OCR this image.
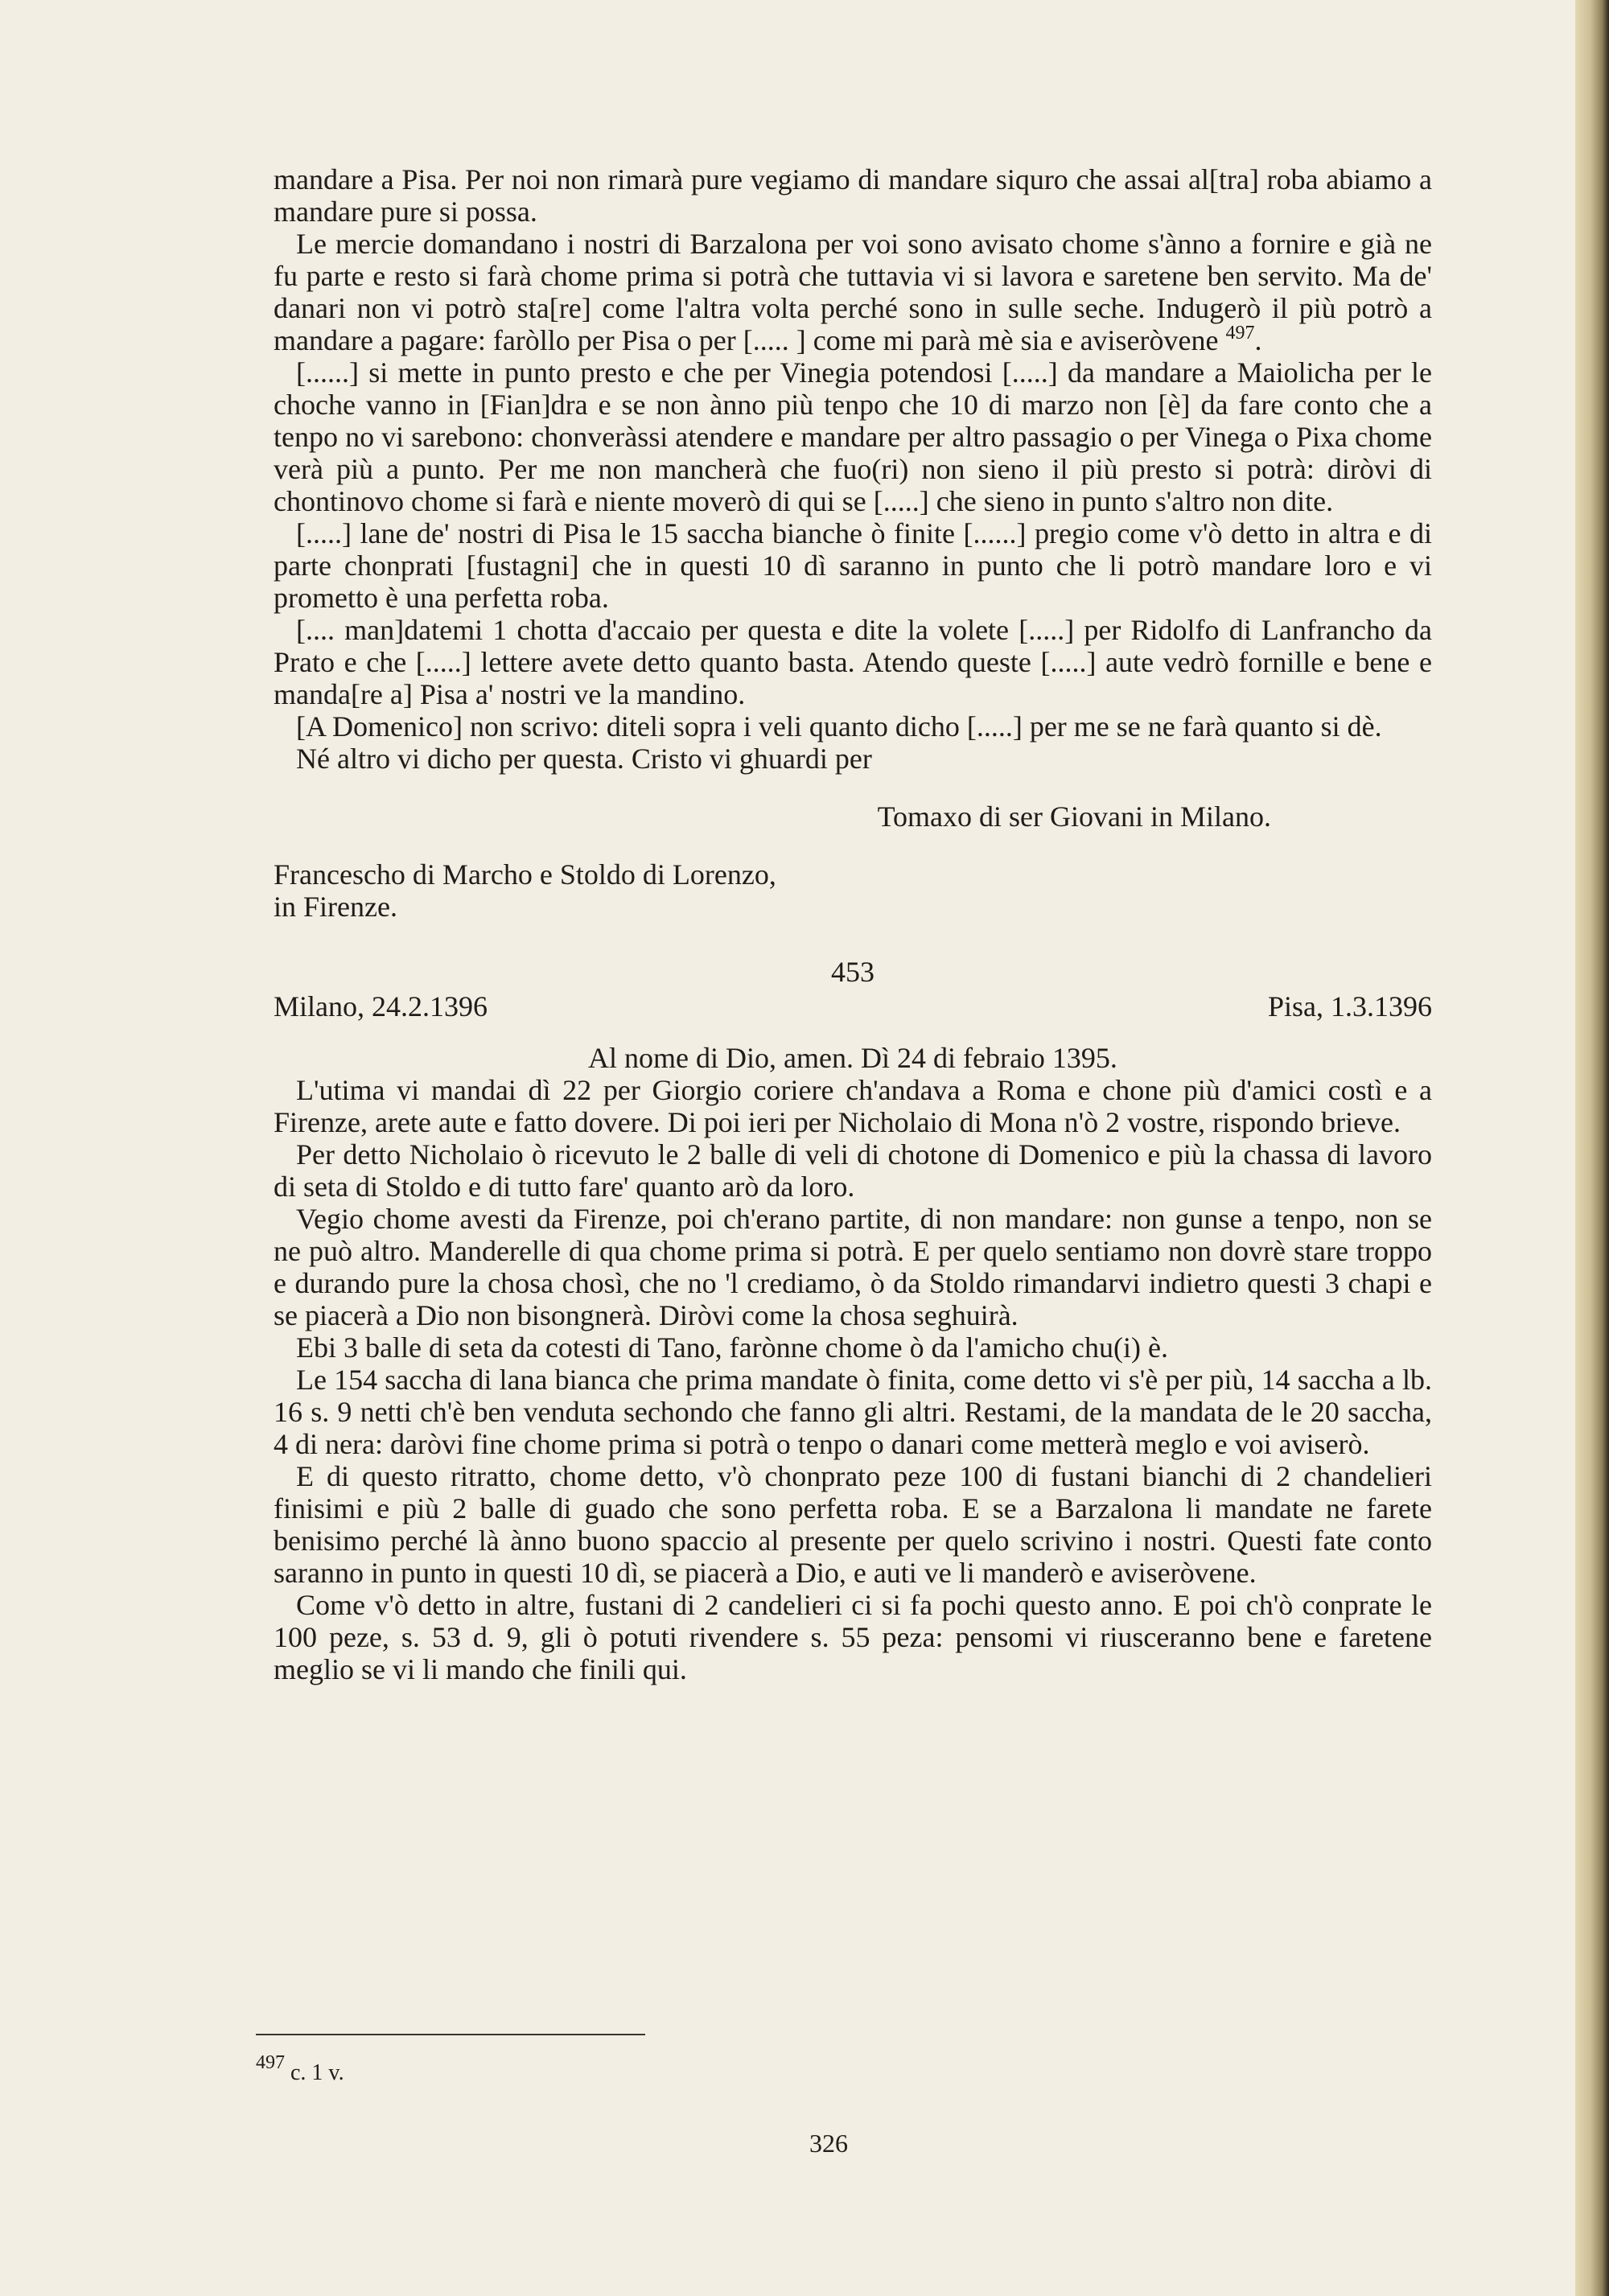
mandare a Pisa. Per noi non rimarà pure vegiamo di mandare siquro che assai al[tra] roba abiamo a mandare pure si possa.

Le mercie domandano i nostri di Barzalona per voi sono avisato chome s'ànno a fornire e già ne fu parte e resto si farà chome prima si potrà che tuttavia vi si lavora e saretene ben servito. Ma de' danari non vi potrò sta[re] come l'altra volta perché sono in sulle seche. Indugerò il più potrò a mandare a pagare: faròllo per Pisa o per [..... ] come mi parà mè sia e aviseròvene $^{497}$.

[......] si mette in punto presto e che per Vinegia potendosi [.....] da mandare a Maiolicha per le choche vanno in [Fian]dra e se non ànno più tenpo che 10 di marzo non [è] da fare conto che a tenpo no vi sarebono: chonveràssi atendere e mandare per altro passagio o per Vinega o Pixa chome verà più a punto. Per me non mancherà che fuo(ri) non sieno il più presto si potrà: diròvi di chontinovo chome si farà e niente moverò di qui se [.....] che sieno in punto s'altro non dite.

[.....] lane de' nostri di Pisa le 15 saccha bianche ò finite [......] pregio come v'ò detto in altra e di parte chonprati [fustagni] che in questi 10 dì saranno in punto che li potrò mandare loro e vi prometto è una perfetta roba.

[.... man]datemi 1 chotta d'accaio per questa e dite la volete [.....] per Ridolfo di Lanfrancho da Prato e che [.....] lettere avete detto quanto basta. Atendo queste [.....] aute vedrò fornille e bene e manda[re a] Pisa a' nostri ve la mandino.

[A Domenico] non scrivo: diteli sopra i veli quanto dicho [.....] per me se ne farà quanto si dè.

Né altro vi dicho per questa. Cristo vi ghuardi per

Tomaxo di ser Giovani in Milano.
Francescho di Marcho e Stoldo di Lorenzo,
in Firenze.
453
Milano, 24.2.1396	Pisa, 1.3.1396
Al nome di Dio, amen. Dì 24 di febraio 1395.

L'utima vi mandai dì 22 per Giorgio coriere ch'andava a Roma e chone più d'amici costì e a Firenze, arete aute e fatto dovere. Di poi ieri per Nicholaio di Mona n'ò 2 vostre, rispondo brieve.

Per detto Nicholaio ò ricevuto le 2 balle di veli di chotone di Domenico e più la chassa di lavoro di seta di Stoldo e di tutto fare' quanto arò da loro.

Vegio chome avesti da Firenze, poi ch'erano partite, di non mandare: non gunse a tenpo, non se ne può altro. Manderelle di qua chome prima si potrà. E per quelo sentiamo non dovrè stare troppo e durando pure la chosa chosì, che no 'l crediamo, ò da Stoldo rimandarvi indietro questi 3 chapi e se piacerà a Dio non bisongnerà. Diròvi come la chosa seghuirà.

Ebi 3 balle di seta da cotesti di Tano, farònne chome ò da l'amicho chu(i) è.

Le 154 saccha di lana bianca che prima mandate ò finita, come detto vi s'è per più, 14 saccha a lb. 16 s. 9 netti ch'è ben venduta sechondo che fanno gli altri. Restami, de la mandata de le 20 saccha, 4 di nera: daròvi fine chome prima si potrà o tenpo o danari come metterà meglo e voi aviserò.

E di questo ritratto, chome detto, v'ò chonprato peze 100 di fustani bianchi di 2 chandelieri finisimi e più 2 balle di guado che sono perfetta roba. E se a Barzalona li mandate ne farete benisimo perché là ànno buono spaccio al presente per quelo scrivino i nostri. Questi fate conto saranno in punto in questi 10 dì, se piacerà a Dio, e auti ve li manderò e aviseròvene.

Come v'ò detto in altre, fustani di 2 candelieri ci si fa pochi questo anno. E poi ch'ò conprate le 100 peze, s. 53 d. 9, gli ò potuti rivendere s. 55 peza: pensomi vi riusceranno bene e faretene meglio se vi li mando che finili qui.

$^{497}$ c. 1 v.
326
